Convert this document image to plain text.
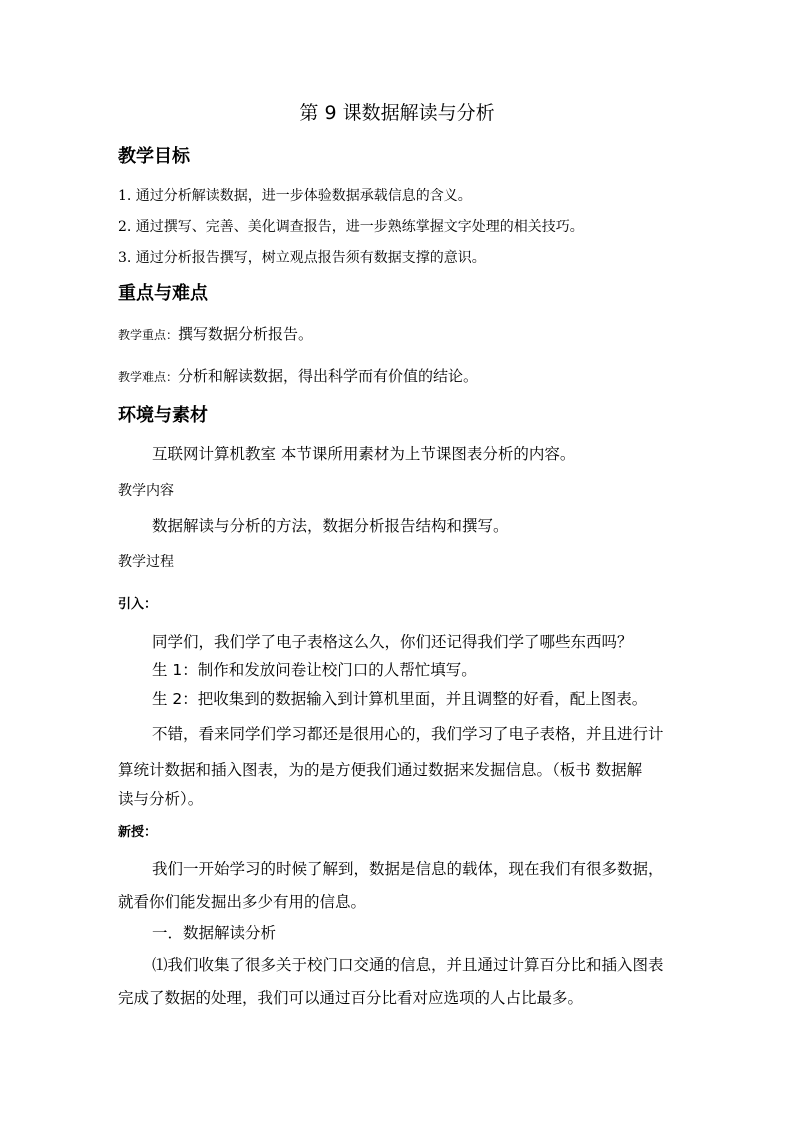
第 9 课数据解读与分析
教学目标
1. 通过分析解读数据，进一步体验数据承载信息的含义。
2. 通过撰写、完善、美化调查报告，进一步熟练掌握文字处理的相关技巧。
3. 通过分析报告撰写，树立观点报告须有数据支撑的意识。
重点与难点
教学重点：撰写数据分析报告。
教学难点：分析和解读数据，得出科学而有价值的结论。
环境与素材
互联网计算机教室 本节课所用素材为上节课图表分析的内容。
教学内容
数据解读与分析的方法，数据分析报告结构和撰写。
教学过程
引入：
同学们，我们学了电子表格这么久，你们还记得我们学了哪些东西吗？
生 1：制作和发放问卷让校门口的人帮忙填写。
生 2：把收集到的数据输入到计算机里面，并且调整的好看，配上图表。
不错，看来同学们学习都还是很用心的，我们学习了电子表格，并且进行计
算统计数据和插入图表，为的是方便我们通过数据来发掘信息。（板书 数据解
读与分析）。
新授：
我们一开始学习的时候了解到，数据是信息的载体，现在我们有很多数据，
就看你们能发掘出多少有用的信息。
一．数据解读分析
⑴我们收集了很多关于校门口交通的信息，并且通过计算百分比和插入图表
完成了数据的处理，我们可以通过百分比看对应选项的人占比最多。
